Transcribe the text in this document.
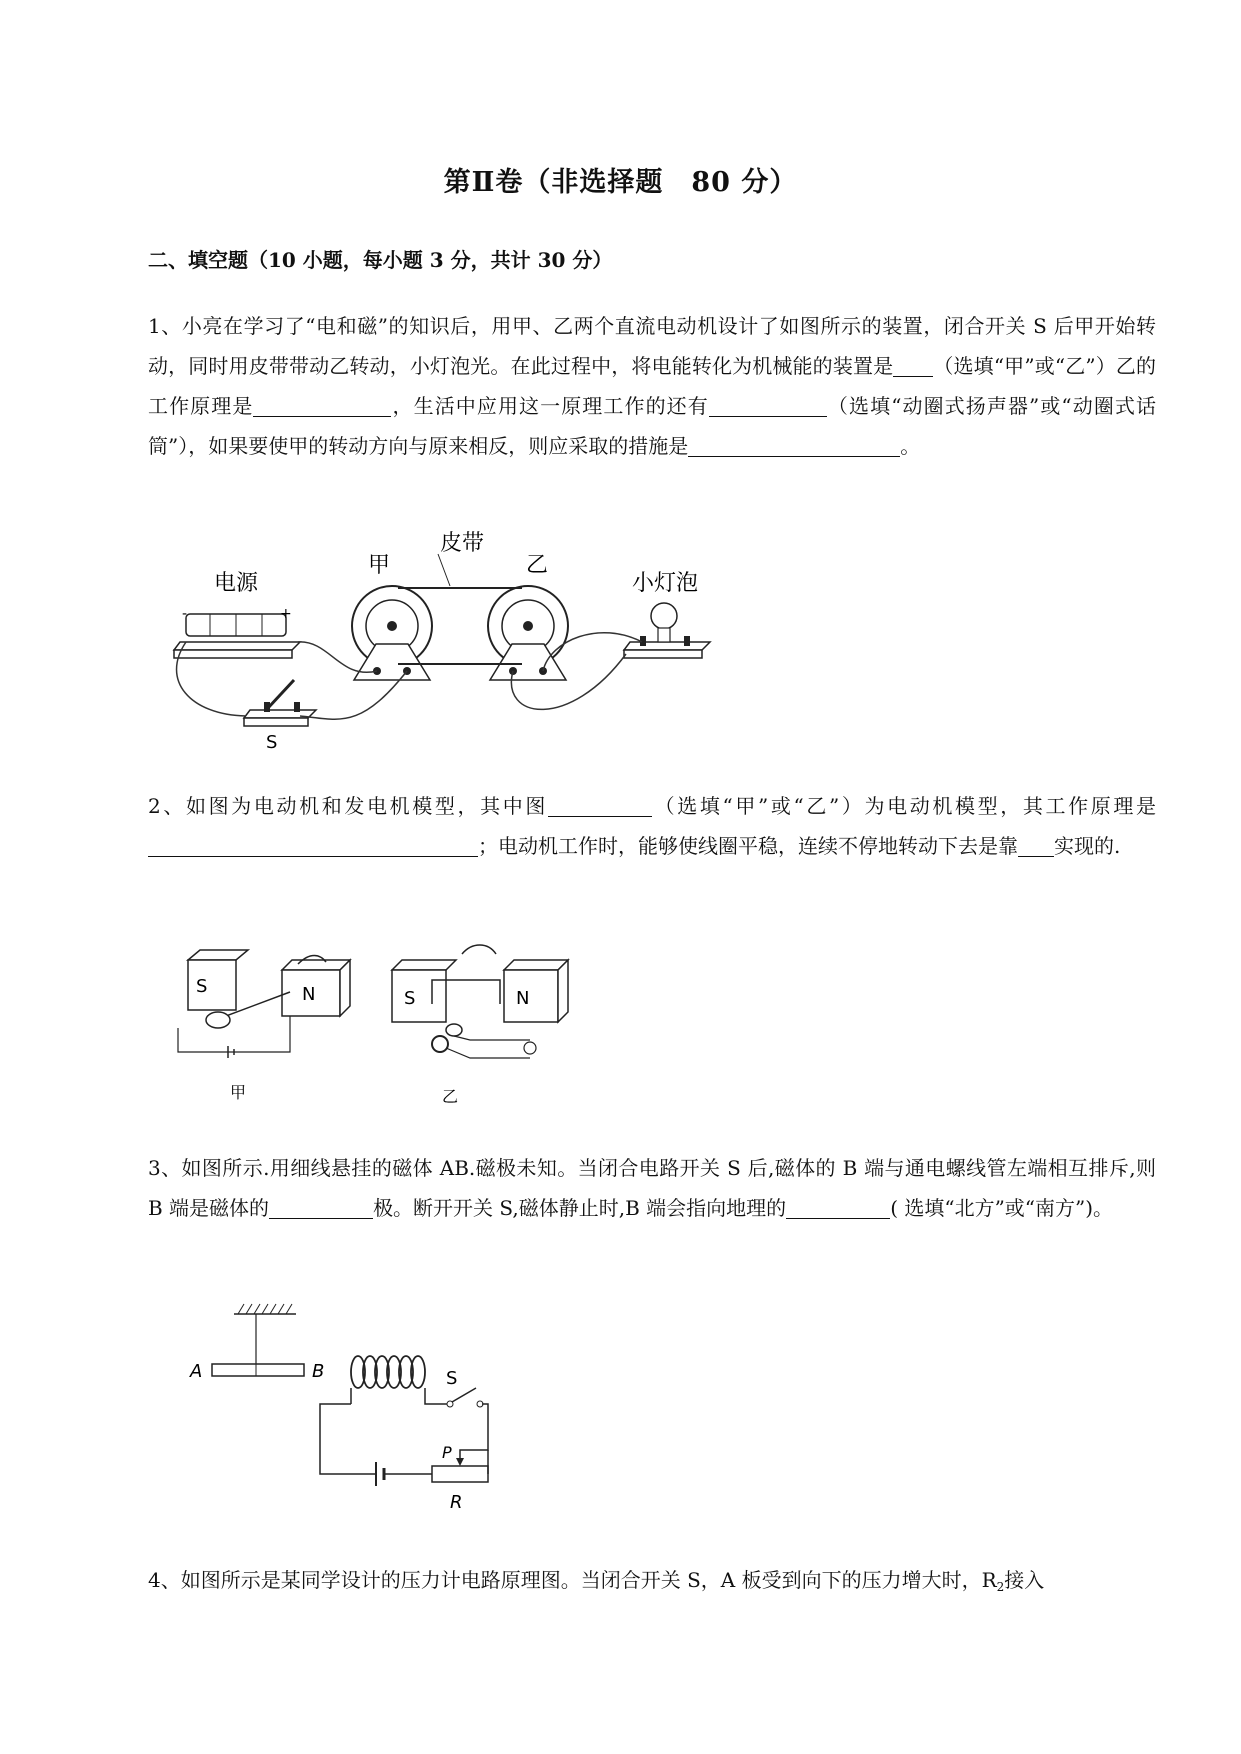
第Ⅱ卷（非选择题　80 分）
二、填空题（10 小题，每小题 3 分，共计 30 分）
1、小亮在学习了“电和磁”的知识后，用甲、乙两个直流电动机设计了如图所示的装置，闭合开关 S 后甲开始转动，同时用皮带带动乙转动，小灯泡光。在此过程中，将电能转化为机械能的装置是 （选填“甲”或“乙”）乙的工作原理是	，生活中应用这一原理工作的还有	（选填“动圈式扬声器”或“动圈式话筒”），如果要使甲的转动方向与原来相反，则应采取的措施是	。
电源
-	+
甲	乙
皮带
小灯泡
S
2、如图为电动机和发电机模型，其中图	（选填“甲”或“乙”）为电动机模型，其工作原理是；电动机工作时，能够使线圈平稳，连续不停地转动下去是靠 实现的.
S	N
甲
S	N
乙
3、如图所示.用细线悬挂的磁体 AB.磁极未知。当闭合电路开关 S 后,磁体的 B 端与通电螺线管左端相互排斥,则 B 端是磁体的	极。断开开关 S,磁体静止时,B 端会指向地理的	( 选填“北方”或“南方”)。
A	B
R
S
P
4、如图所示是某同学设计的压力计电路原理图。当闭合开关 S，A 板受到向下的压力增大时，$R_2$接入
